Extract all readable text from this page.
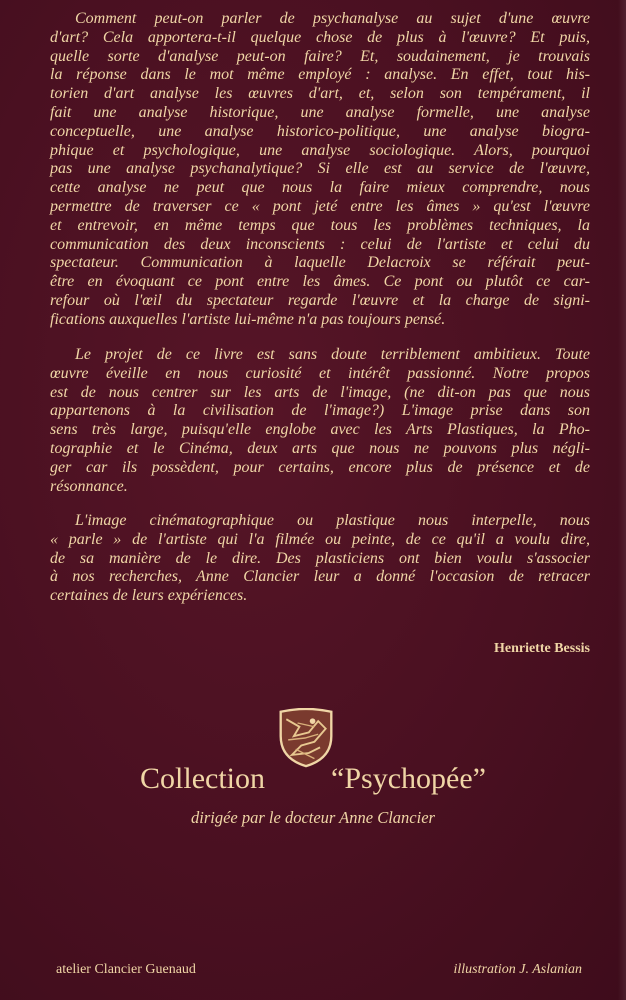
Comment peut-on parler de psychanalyse au sujet d'une œuvre
d'art? Cela apportera-t-il quelque chose de plus à l'œuvre? Et puis,
quelle sorte d'analyse peut-on faire? Et, soudainement, je trouvais
la réponse dans le mot même employé : analyse. En effet, tout his-
torien d'art analyse les œuvres d'art, et, selon son tempérament, il
fait une analyse historique, une analyse formelle, une analyse
conceptuelle, une analyse historico-politique, une analyse biogra-
phique et psychologique, une analyse sociologique. Alors, pourquoi
pas une analyse psychanalytique? Si elle est au service de l'œuvre,
cette analyse ne peut que nous la faire mieux comprendre, nous
permettre de traverser ce « pont jeté entre les âmes » qu'est l'œuvre
et entrevoir, en même temps que tous les problèmes techniques, la
communication des deux inconscients : celui de l'artiste et celui du
spectateur. Communication à laquelle Delacroix se référait peut-
être en évoquant ce pont entre les âmes. Ce pont ou plutôt ce car-
refour où l'œil du spectateur regarde l'œuvre et la charge de signi-
fications auxquelles l'artiste lui-même n'a pas toujours pensé.
Le projet de ce livre est sans doute terriblement ambitieux. Toute
œuvre éveille en nous curiosité et intérêt passionné. Notre propos
est de nous centrer sur les arts de l'image, (ne dit-on pas que nous
appartenons à la civilisation de l'image?) L'image prise dans son
sens très large, puisqu'elle englobe avec les Arts Plastiques, la Pho-
tographie et le Cinéma, deux arts que nous ne pouvons plus négli-
ger car ils possèdent, pour certains, encore plus de présence et de
résonnance.
L'image cinématographique ou plastique nous interpelle, nous
« parle » de l'artiste qui l'a filmée ou peinte, de ce qu'il a voulu dire,
de sa manière de le dire. Des plasticiens ont bien voulu s'associer
à nos recherches, Anne Clancier leur a donné l'occasion de retracer
certaines de leurs expériences.
Henriette Bessis
Collection “Psychopée”
dirigée par le docteur Anne Clancier
atelier Clancier Guenaud	illustration J. Aslanian
